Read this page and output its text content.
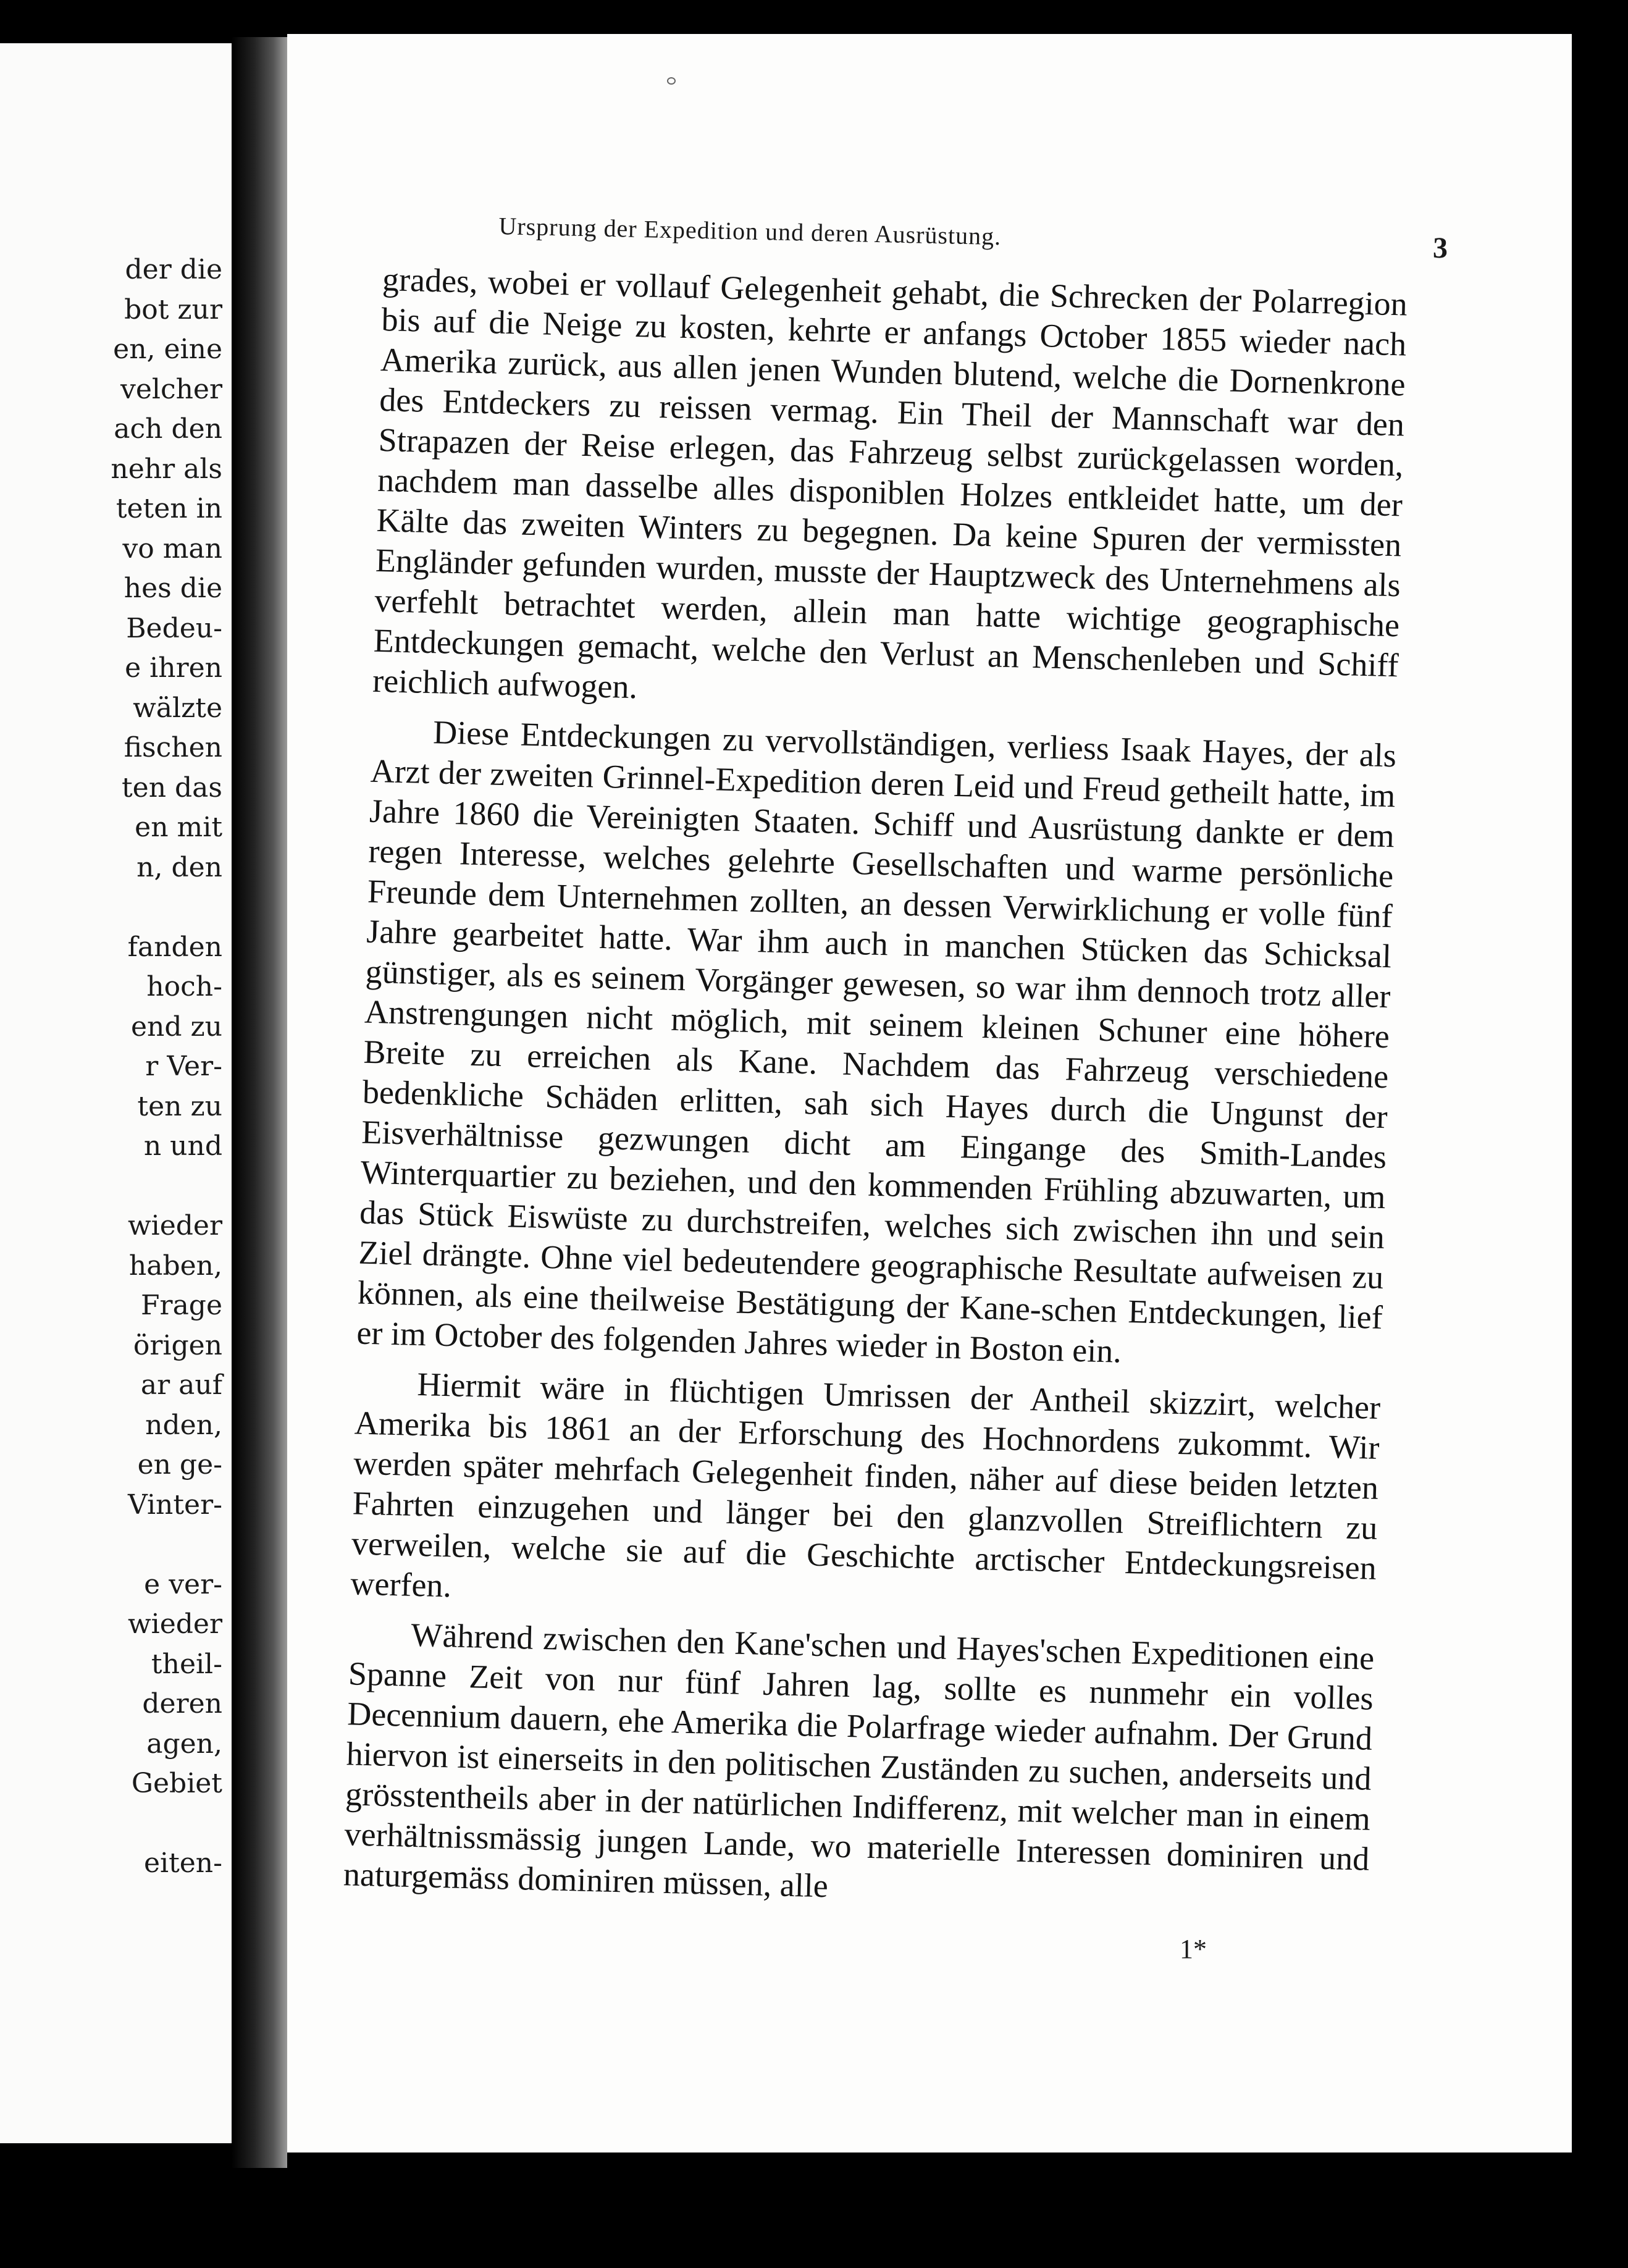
der die
bot zur
en, eine
velcher
ach den
nehr als
teten in
vo man
hes die
Bedeu-
e ihren
wälzte
fischen
ten das
en mit
n, den
fanden
hoch-
end zu
r Ver-
ten zu
n und
wieder
haben,
Frage
örigen
ar auf
nden,
en ge-
Vinter-
e ver-
wieder
theil-
deren
agen,
Gebiet
eiten-
Ursprung der Expedition und deren Ausrüstung.	3

grades, wobei er vollauf Gelegenheit gehabt, die Schrecken der Polarregion bis auf die Neige zu kosten, kehrte er anfangs October 1855 wieder nach Amerika zurück, aus allen jenen Wunden blutend, welche die Dornenkrone des Entdeckers zu reissen vermag. Ein Theil der Mannschaft war den Strapazen der Reise erlegen, das Fahrzeug selbst zurückgelassen worden, nachdem man dasselbe alles disponiblen Holzes entkleidet hatte, um der Kälte das zweiten Winters zu begegnen. Da keine Spuren der vermissten Engländer gefunden wurden, musste der Hauptzweck des Unternehmens als verfehlt betrachtet werden, allein man hatte wichtige geographische Entdeckungen gemacht, welche den Verlust an Menschenleben und Schiff reichlich aufwogen.

Diese Entdeckungen zu vervollständigen, verliess Isaak Hayes, der als Arzt der zweiten Grinnel-Expedition deren Leid und Freud getheilt hatte, im Jahre 1860 die Vereinigten Staaten. Schiff und Ausrüstung dankte er dem regen Interesse, welches gelehrte Gesellschaften und warme persönliche Freunde dem Unternehmen zollten, an dessen Verwirklichung er volle fünf Jahre gearbeitet hatte. War ihm auch in manchen Stücken das Schicksal günstiger, als es seinem Vorgänger gewesen, so war ihm dennoch trotz aller Anstrengungen nicht möglich, mit seinem kleinen Schuner eine höhere Breite zu erreichen als Kane. Nachdem das Fahrzeug verschiedene bedenkliche Schäden erlitten, sah sich Hayes durch die Ungunst der Eisverhältnisse gezwungen dicht am Eingange des Smith-Landes Winterquartier zu beziehen, und den kommenden Frühling abzuwarten, um das Stück Eiswüste zu durchstreifen, welches sich zwischen ihn und sein Ziel drängte. Ohne viel bedeutendere geographische Resultate aufweisen zu können, als eine theilweise Bestätigung der Kane-schen Entdeckungen, lief er im October des folgenden Jahres wieder in Boston ein.

Hiermit wäre in flüchtigen Umrissen der Antheil skizzirt, welcher Amerika bis 1861 an der Erforschung des Hochnordens zukommt. Wir werden später mehrfach Gelegenheit finden, näher auf diese beiden letzten Fahrten einzugehen und länger bei den glanzvollen Streiflichtern zu verweilen, welche sie auf die Geschichte arctischer Entdeckungsreisen werfen.

Während zwischen den Kane'schen und Hayes'schen Expeditionen eine Spanne Zeit von nur fünf Jahren lag, sollte es nunmehr ein volles Decennium dauern, ehe Amerika die Polarfrage wieder aufnahm. Der Grund hiervon ist einerseits in den politischen Zuständen zu suchen, anderseits und grösstentheils aber in der natürlichen Indifferenz, mit welcher man in einem verhältnissmässig jungen Lande, wo materielle Interessen dominiren und naturgemäss dominiren müssen, alle

1*
